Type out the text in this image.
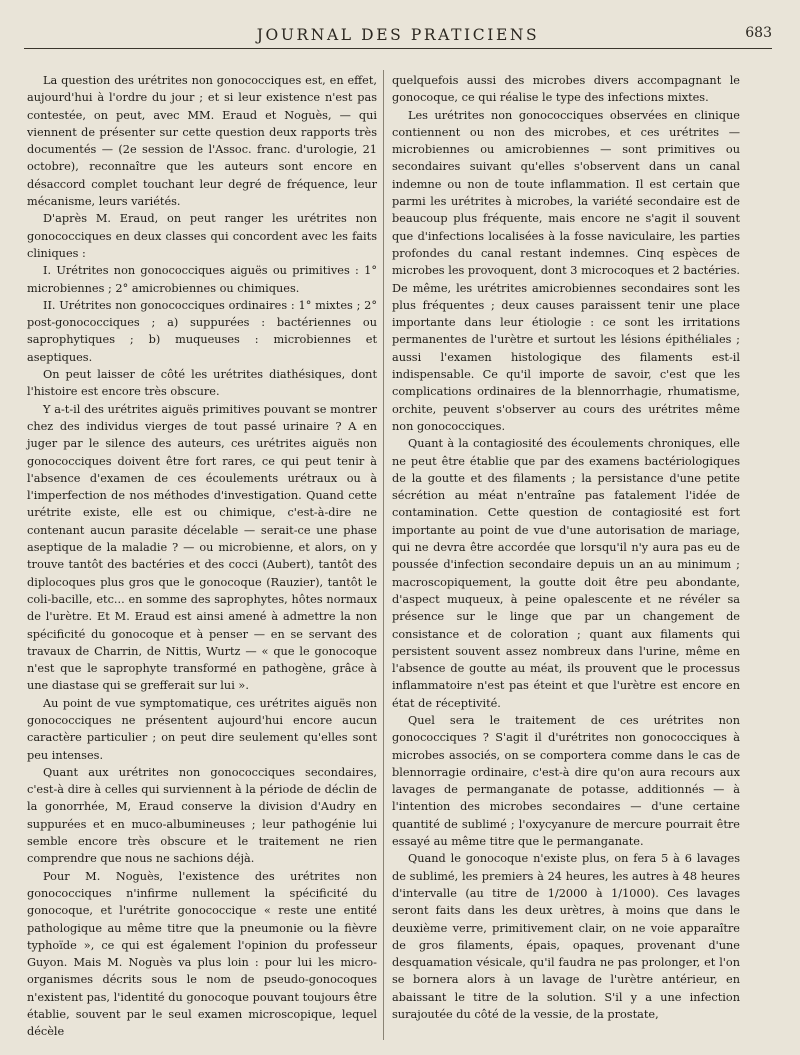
JOURNAL DES PRATICIENS	683

La question des urétrites non gonococciques est, en effet, aujourd'hui à l'ordre du jour ; et si leur existence n'est pas contestée, on peut, avec MM. Eraud et Noguès, — qui viennent de présenter sur cette question deux rapports très documentés — (2e session de l'Assoc. franc. d'urologie, 21 octobre), reconnaître que les auteurs sont encore en désaccord complet touchant leur degré de fréquence, leur mécanisme, leurs variétés.

D'après M. Eraud, on peut ranger les urétrites non gonococciques en deux classes qui concordent avec les faits cliniques :

I. Urétrites non gonococciques aiguës ou primitives : 1° microbiennes ; 2° amicrobiennes ou chimiques.

II. Urétrites non gonococciques ordinaires : 1° mixtes ; 2° post-gonococciques ; a) suppurées : bactériennes ou saprophytiques ; b) muqueuses : microbiennes et aseptiques.

On peut laisser de côté les urétrites diathésiques, dont l'histoire est encore très obscure.

Y a-t-il des urétrites aiguës primitives pouvant se montrer chez des individus vierges de tout passé urinaire ? A en juger par le silence des auteurs, ces urétrites aiguës non gonococciques doivent être fort rares, ce qui peut tenir à l'absence d'examen de ces écoulements urétraux ou à l'imperfection de nos méthodes d'investigation. Quand cette urétrite existe, elle est ou chimique, c'est-à-dire ne contenant aucun parasite décelable — serait-ce une phase aseptique de la maladie ? — ou microbienne, et alors, on y trouve tantôt des bactéries et des cocci (Aubert), tantôt des diplocoques plus gros que le gonocoque (Rauzier), tantôt le coli-bacille, etc... en somme des saprophytes, hôtes normaux de l'urètre. Et M. Eraud est ainsi amené à admettre la non spécificité du gonocoque et à penser — en se servant des travaux de Charrin, de Nittis, Wurtz — « que le gonocoque n'est que le saprophyte transformé en pathogène, grâce à une diastase qui se grefferait sur lui ».

Au point de vue symptomatique, ces urétrites aiguës non gonococciques ne présentent aujourd'hui encore aucun caractère particulier ; on peut dire seulement qu'elles sont peu intenses.

Quant aux urétrites non gonococciques secondaires, c'est-à dire à celles qui surviennent à la période de déclin de la gonorrhée, M, Eraud conserve la division d'Audry en suppurées et en muco-albumineuses ; leur pathogénie lui semble encore très obscure et le traitement ne rien comprendre que nous ne sachions déjà.

Pour M. Noguès, l'existence des urétrites non gonococciques n'infirme nullement la spécificité du gonocoque, et l'urétrite gonococcique « reste une entité pathologique au même titre que la pneumonie ou la fièvre typhoïde », ce qui est également l'opinion du professeur Guyon. Mais M. Noguès va plus loin : pour lui les micro-organismes décrits sous le nom de pseudo-gonocoques n'existent pas, l'identité du gonocoque pouvant toujours être établie, souvent par le seul examen microscopique, lequel décèle

quelquefois aussi des microbes divers accompagnant le gonocoque, ce qui réalise le type des infections mixtes.

Les urétrites non gonococciques observées en clinique contiennent ou non des microbes, et ces urétrites — microbiennes ou amicrobiennes — sont primitives ou secondaires suivant qu'elles s'observent dans un canal indemne ou non de toute inflammation. Il est certain que parmi les urétrites à microbes, la variété secondaire est de beaucoup plus fréquente, mais encore ne s'agit il souvent que d'infections localisées à la fosse naviculaire, les parties profondes du canal restant indemnes. Cinq espèces de microbes les provoquent, dont 3 microcoques et 2 bactéries. De même, les urétrites amicrobiennes secondaires sont les plus fréquentes ; deux causes paraissent tenir une place importante dans leur étiologie : ce sont les irritations permanentes de l'urètre et surtout les lésions épithéliales ; aussi l'examen histologique des filaments est-il indispensable. Ce qu'il importe de savoir, c'est que les complications ordinaires de la blennorrhagie, rhumatisme, orchite, peuvent s'observer au cours des urétrites même non gonococciques.

Quant à la contagiosité des écoulements chroniques, elle ne peut être établie que par des examens bactériologiques de la goutte et des filaments ; la persistance d'une petite sécrétion au méat n'entraîne pas fatalement l'idée de contamination. Cette question de contagiosité est fort importante au point de vue d'une autorisation de mariage, qui ne devra être accordée que lorsqu'il n'y aura pas eu de poussée d'infection secondaire depuis un an au minimum ; macroscopiquement, la goutte doit être peu abondante, d'aspect muqueux, à peine opalescente et ne révéler sa présence sur le linge que par un changement de consistance et de coloration ; quant aux filaments qui persistent souvent assez nombreux dans l'urine, même en l'absence de goutte au méat, ils prouvent que le processus inflammatoire n'est pas éteint et que l'urètre est encore en état de réceptivité.

Quel sera le traitement de ces urétrites non gonococciques ? S'agit il d'urétrites non gonococciques à microbes associés, on se comportera comme dans le cas de blennorragie ordinaire, c'est-à dire qu'on aura recours aux lavages de permanganate de potasse, additionnés — à l'intention des microbes secondaires — d'une certaine quantité de sublimé ; l'oxycyanure de mercure pourrait être essayé au même titre que le permanganate.

Quand le gonocoque n'existe plus, on fera 5 à 6 lavages de sublimé, les premiers à 24 heures, les autres à 48 heures d'intervalle (au titre de 1/2000 à 1/1000). Ces lavages seront faits dans les deux urètres, à moins que dans le deuxième verre, primitivement clair, on ne voie apparaître de gros filaments, épais, opaques, provenant d'une desquamation vésicale, qu'il faudra ne pas prolonger, et l'on se bornera alors à un lavage de l'urètre antérieur, en abaissant le titre de la solution. S'il y a une infection surajoutée du côté de la vessie, de la prostate,
